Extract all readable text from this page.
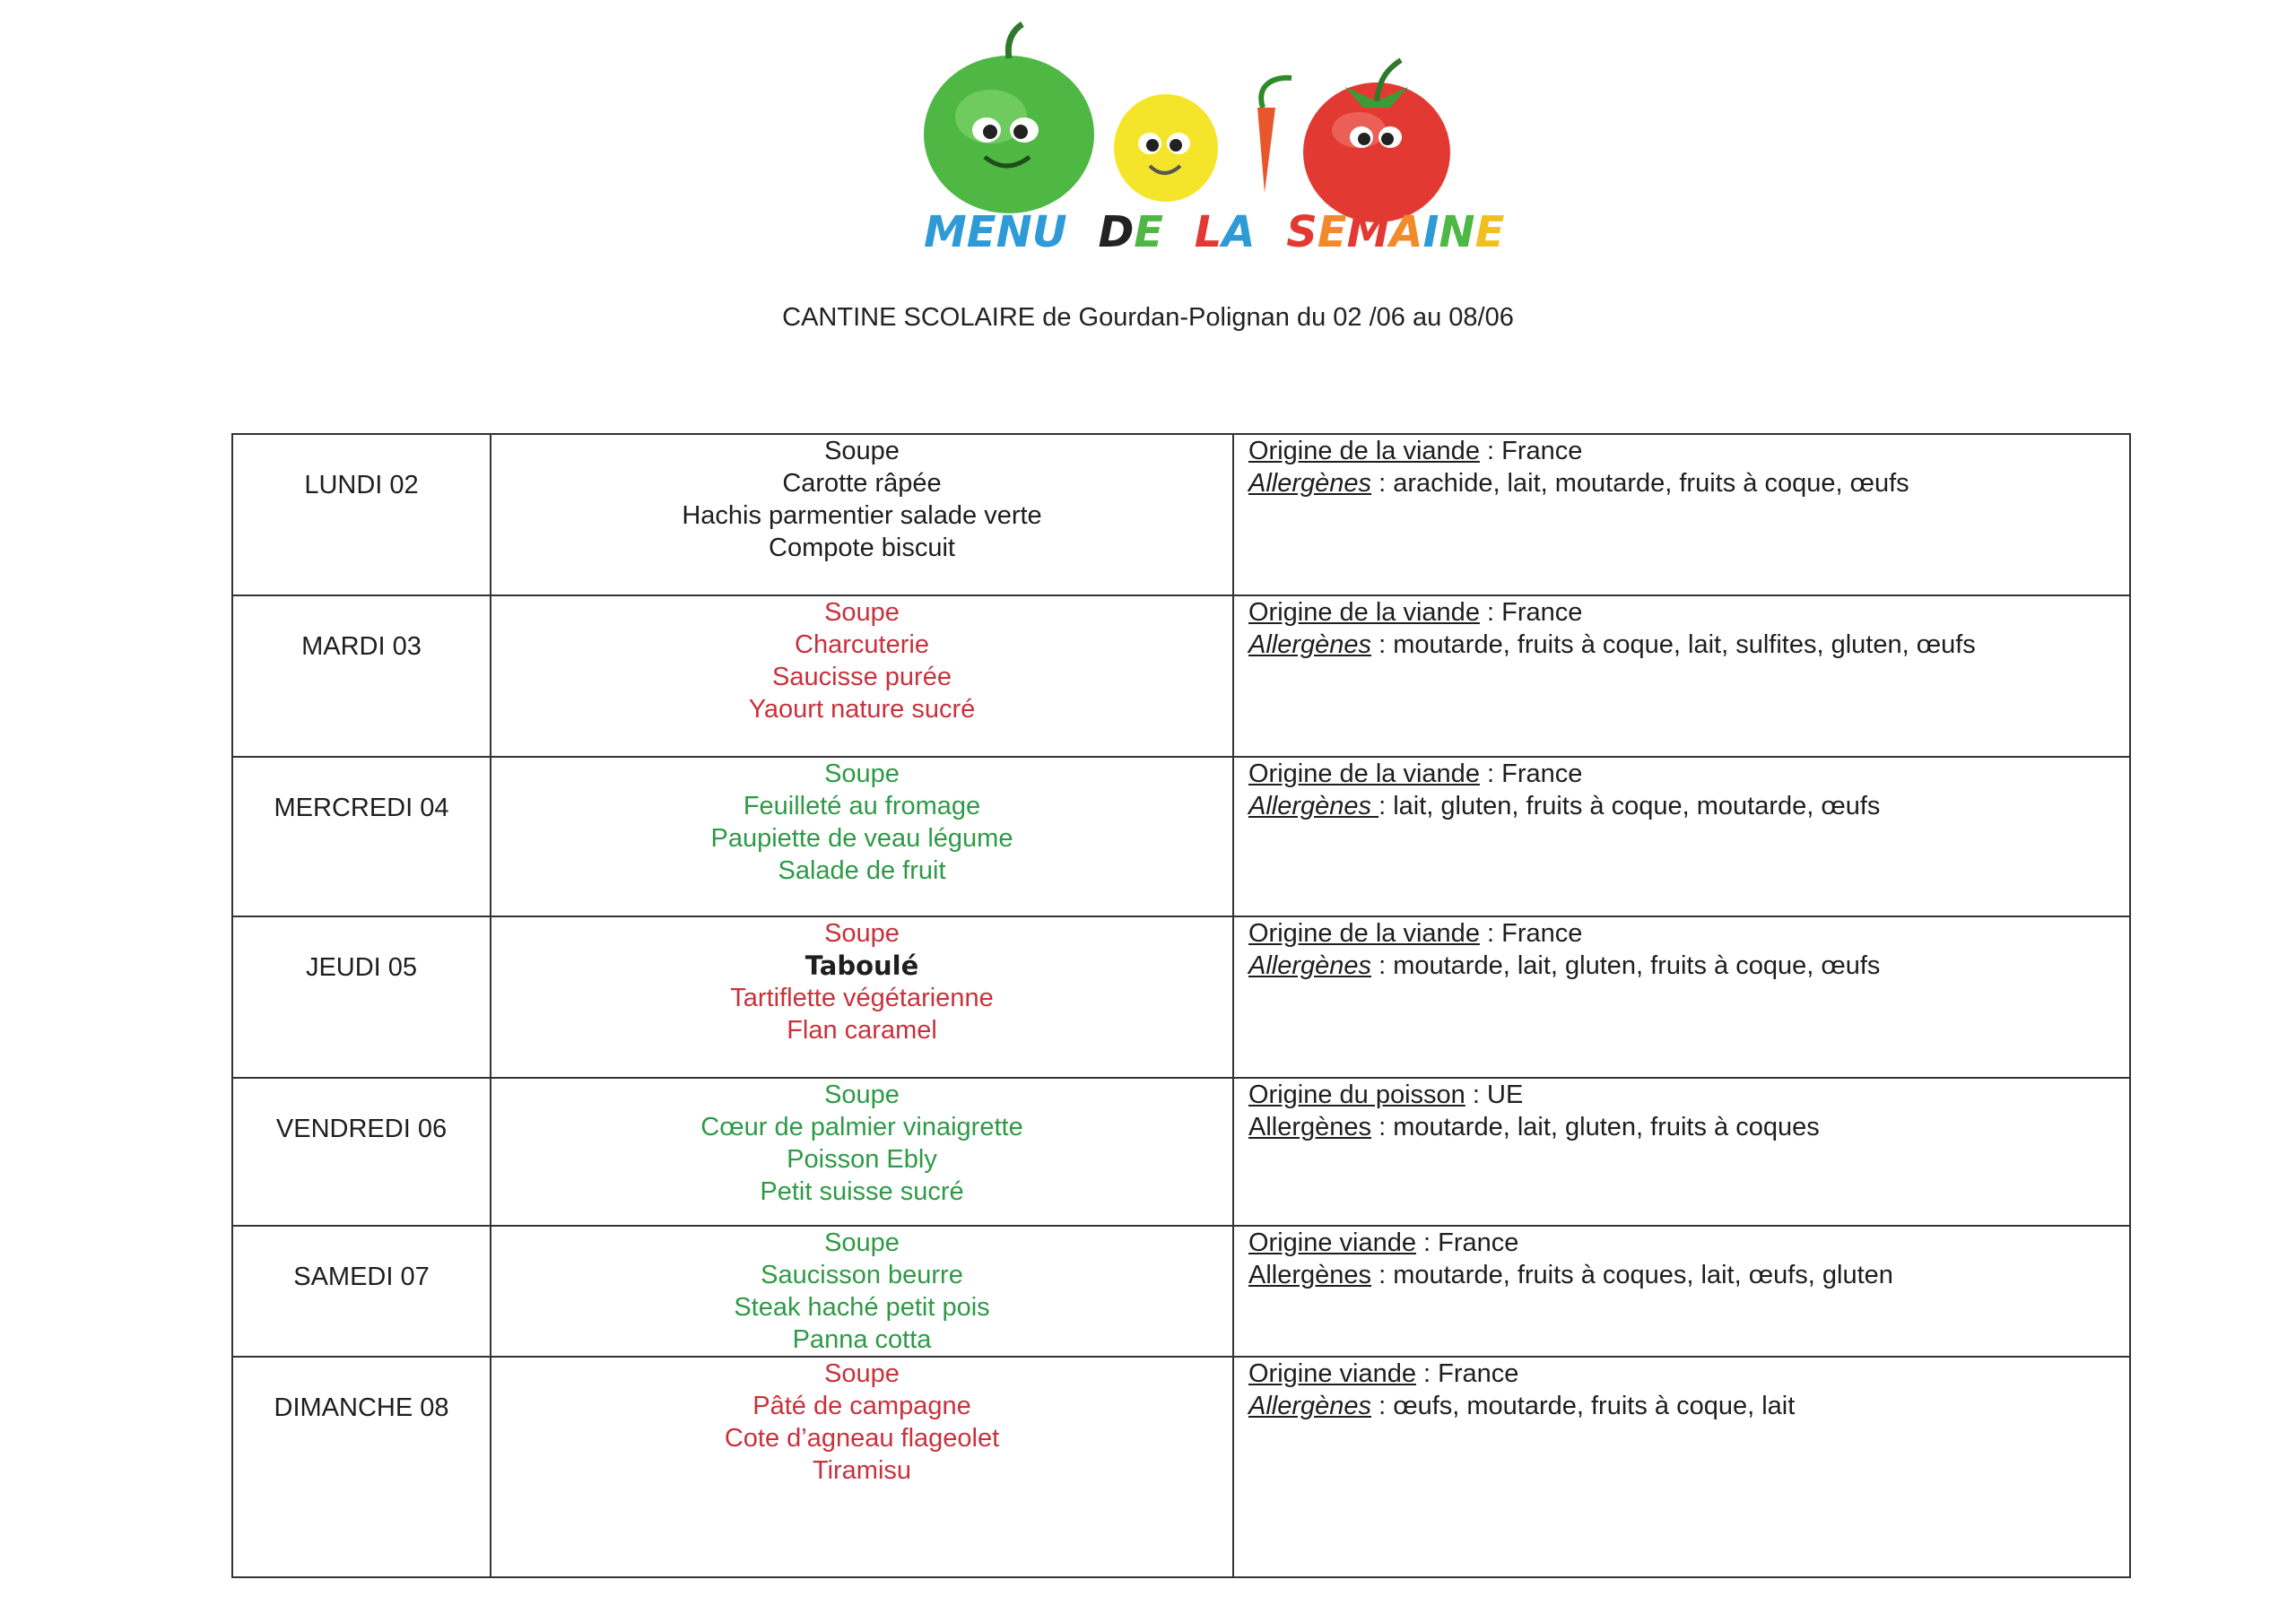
MENU DE LA SEMAINE
CANTINE SCOLAIRE de Gourdan-Polignan du 02 /06 au 08/06
LUNDI 02	Soupe
Carotte râpée
Hachis parmentier salade verte
Compote biscuit	Origine de la viande : France
Allergènes : arachide, lait, moutarde, fruits à coque, œufs

MARDI 03	Soupe
Charcuterie
Saucisse purée
Yaourt nature sucré	Origine de la viande : France
Allergènes : moutarde, fruits à coque, lait, sulfites, gluten, œufs

MERCREDI 04	Soupe
Feuilleté au fromage
Paupiette de veau légume
Salade de fruit	Origine de la viande : France
Allergènes : lait, gluten, fruits à coque, moutarde, œufs

JEUDI 05	Soupe
Taboulé
Tartiflette végétarienne
Flan caramel	Origine de la viande : France
Allergènes : moutarde, lait, gluten, fruits à coque, œufs

VENDREDI 06	Soupe
Cœur de palmier vinaigrette
Poisson Ebly
Petit suisse sucré	Origine du poisson : UE
Allergènes : moutarde, lait, gluten, fruits à coques

SAMEDI 07	Soupe
Saucisson beurre
Steak haché petit pois
Panna cotta	Origine viande : France
Allergènes : moutarde, fruits à coques, lait, œufs, gluten

DIMANCHE 08	Soupe
Pâté de campagne
Cote d’agneau flageolet
Tiramisu	Origine viande : France
Allergènes : œufs, moutarde, fruits à coque, lait
